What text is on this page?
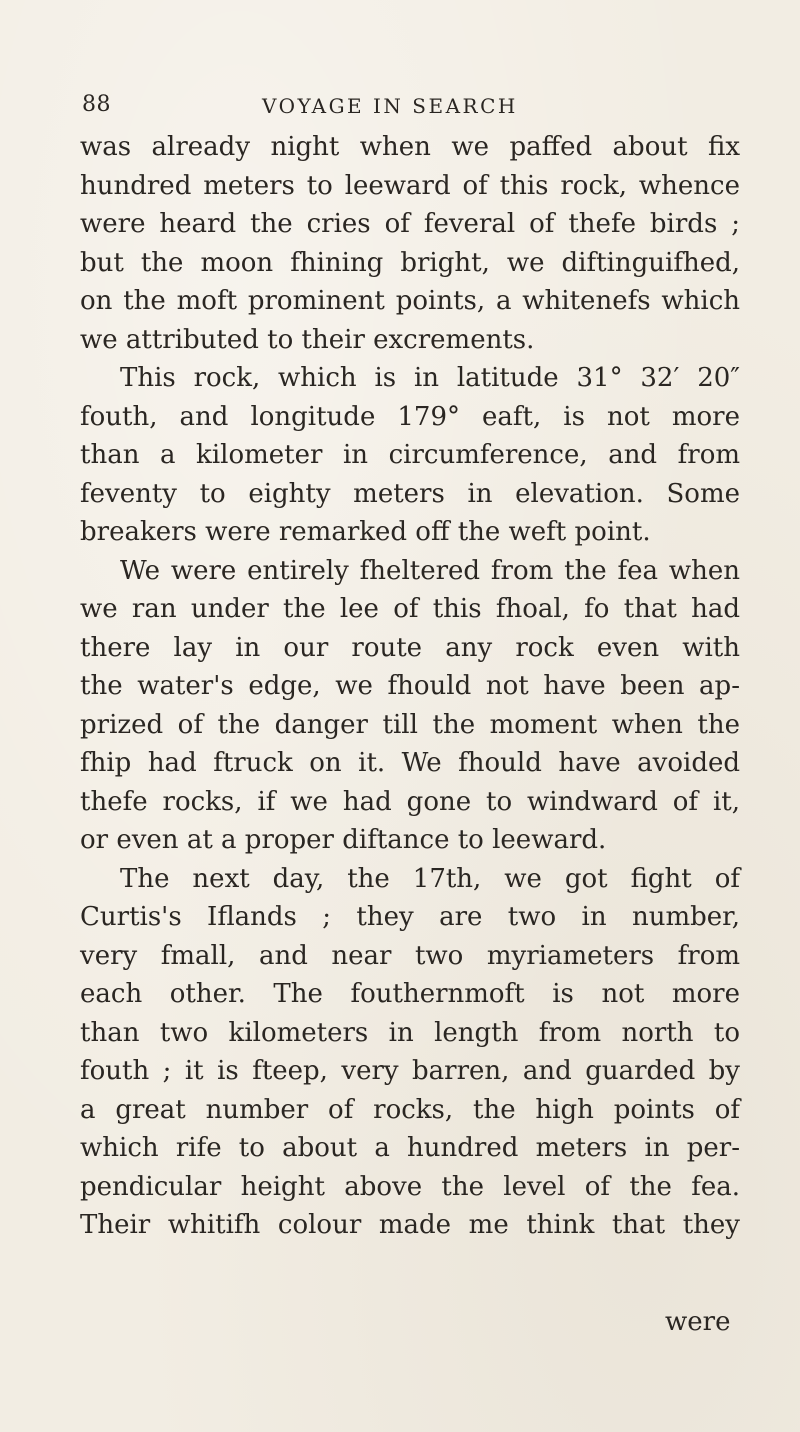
88	VOYAGE IN SEARCH
was already night when we paffed about fix
hundred meters to leeward of this rock, whence
were heard the cries of feveral of thefe birds ;
but the moon fhining bright, we diftinguifhed,
on the moft prominent points, a whitenefs which
we attributed to their excrements.
This rock, which is in latitude 31° 32′ 20″
fouth, and longitude 179° eaft, is not more
than a kilometer in circumference, and from
feventy to eighty meters in elevation. Some
breakers were remarked off the weft point.
We were entirely fheltered from the fea when
we ran under the lee of this fhoal, fo that had
there lay in our route any rock even with
the water's edge, we fhould not have been ap-
prized of the danger till the moment when the
fhip had ftruck on it. We fhould have avoided
thefe rocks, if we had gone to windward of it,
or even at a proper diftance to leeward.
The next day, the 17th, we got fight of
Curtis's Iflands ; they are two in number,
very fmall, and near two myriameters from
each other. The fouthernmoft is not more
than two kilometers in length from north to
fouth ; it is fteep, very barren, and guarded by
a great number of rocks, the high points of
which rife to about a hundred meters in per-
pendicular height above the level of the fea.
Their whitifh colour made me think that they
were
